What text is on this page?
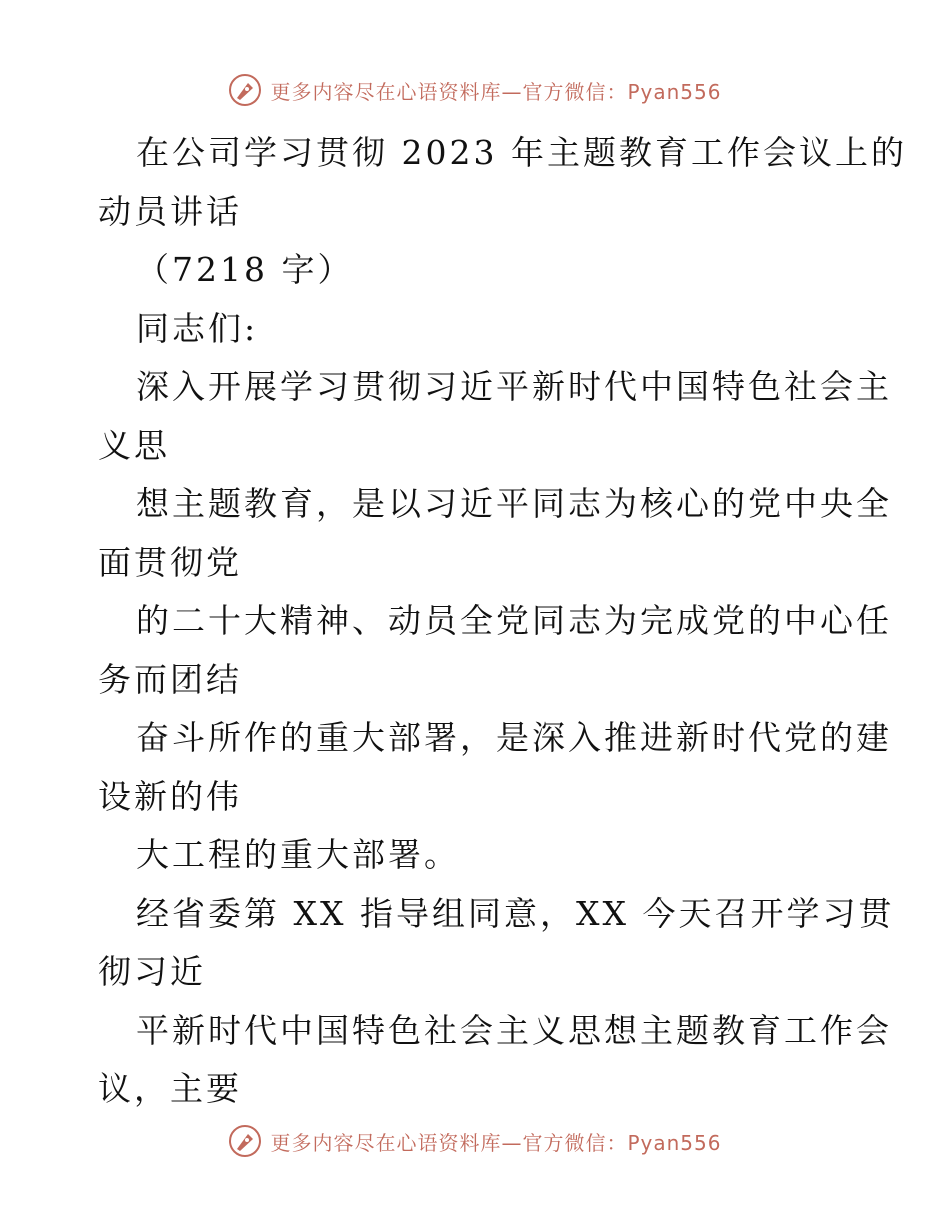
更多内容尽在心语资料库—官方微信：Pyan556
在公司学习贯彻 2023 年主题教育工作会议上的
动员讲话
（7218 字）
同志们:
深入开展学习贯彻习近平新时代中国特色社会主
义思
想主题教育，是以习近平同志为核心的党中央全
面贯彻党
的二十大精神、动员全党同志为完成党的中心任
务而团结
奋斗所作的重大部署，是深入推进新时代党的建
设新的伟
大工程的重大部署。
经省委第 XX 指导组同意，XX 今天召开学习贯
彻习近
平新时代中国特色社会主义思想主题教育工作会
议，主要
更多内容尽在心语资料库—官方微信：Pyan556
